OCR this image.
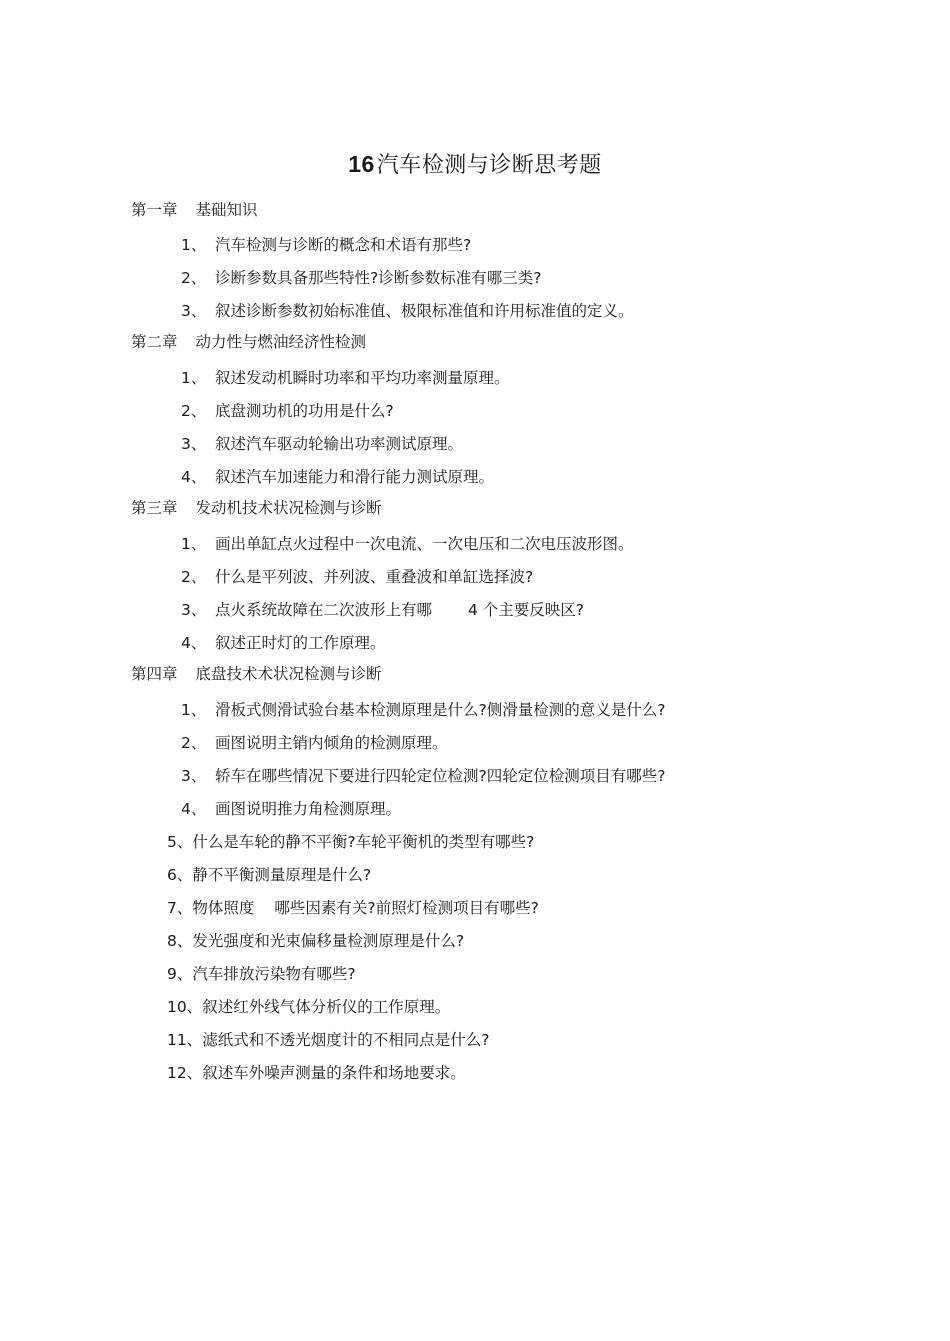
16汽车检测与诊断思考题
第一章 基础知识
1、 汽车检测与诊断的概念和术语有那些?
2、 诊断参数具备那些特性?诊断参数标准有哪三类?
3、 叙述诊断参数初始标准值、极限标准值和许用标准值的定义。
第二章 动力性与燃油经济性检测
1、 叙述发动机瞬时功率和平均功率测量原理。
2、 底盘测功机的功用是什么?
3、 叙述汽车驱动轮输出功率测试原理。
4、 叙述汽车加速能力和滑行能力测试原理。
第三章 发动机技术状况检测与诊断
1、 画出单缸点火过程中一次电流、一次电压和二次电压波形图。
2、 什么是平列波、并列波、重叠波和单缸选择波?
3、 点火系统故障在二次波形上有哪 4 个主要反映区?
4、 叙述正时灯的工作原理。
第四章 底盘技术术状况检测与诊断
1、 滑板式侧滑试验台基本检测原理是什么?侧滑量检测的意义是什么?
2、 画图说明主销内倾角的检测原理。
3、 轿车在哪些情况下要进行四轮定位检测?四轮定位检测项目有哪些?
4、 画图说明推力角检测原理。
5、什么是车轮的静不平衡?车轮平衡机的类型有哪些?
6、静不平衡测量原理是什么?
7、物体照度 哪些因素有关?前照灯检测项目有哪些?
8、发光强度和光束偏移量检测原理是什么?
9、汽车排放污染物有哪些?
10、叙述红外线气体分析仪的工作原理。
11、滤纸式和不透光烟度计的不相同点是什么?
12、叙述车外噪声测量的条件和场地要求。
